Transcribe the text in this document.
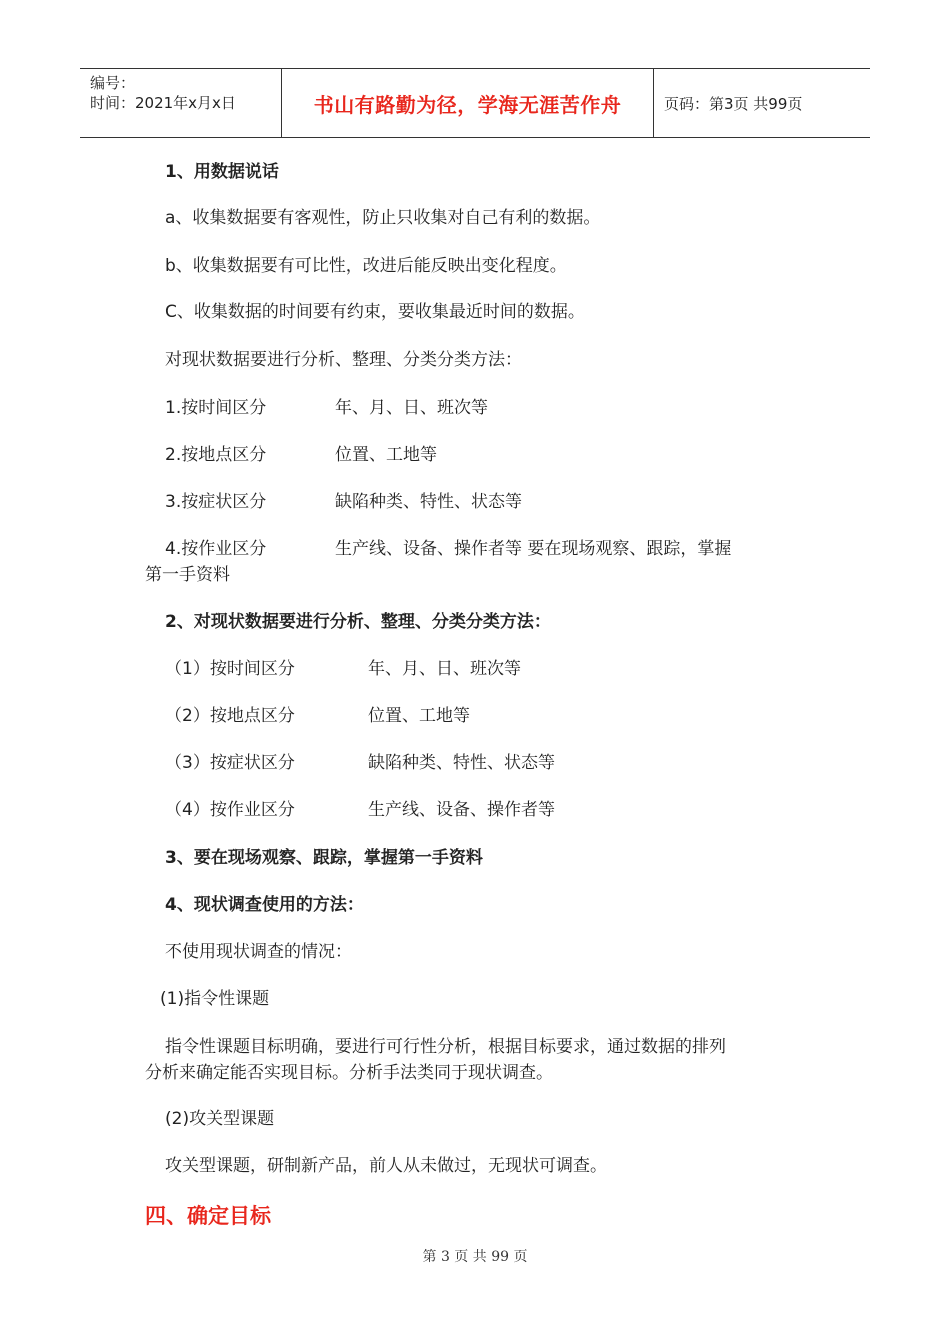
编号：
时间：2021年x月x日	书山有路勤为径，学海无涯苦作舟	页码：第3页 共99页
1、用数据说话
a、收集数据要有客观性，防止只收集对自己有利的数据。
b、收集数据要有可比性，改进后能反映出变化程度。
C、收集数据的时间要有约束，要收集最近时间的数据。
对现状数据要进行分析、整理、分类分类方法：
1.按时间区分	年、月、日、班次等
2.按地点区分	位置、工地等
3.按症状区分	缺陷种类、特性、状态等
4.按作业区分	生产线、设备、操作者等 要在现场观察、跟踪，掌握
第一手资料
2、对现状数据要进行分析、整理、分类分类方法：
（1）按时间区分	年、月、日、班次等
（2）按地点区分	位置、工地等
（3）按症状区分	缺陷种类、特性、状态等
（4）按作业区分	生产线、设备、操作者等
3、要在现场观察、跟踪，掌握第一手资料
4、现状调查使用的方法：
不使用现状调查的情况：
(1)指令性课题
指令性课题目标明确，要进行可行性分析，根据目标要求，通过数据的排列
分析来确定能否实现目标。分析手法类同于现状调查。
(2)攻关型课题
攻关型课题，研制新产品，前人从未做过，无现状可调查。
四、确定目标
第 3 页 共 99 页
